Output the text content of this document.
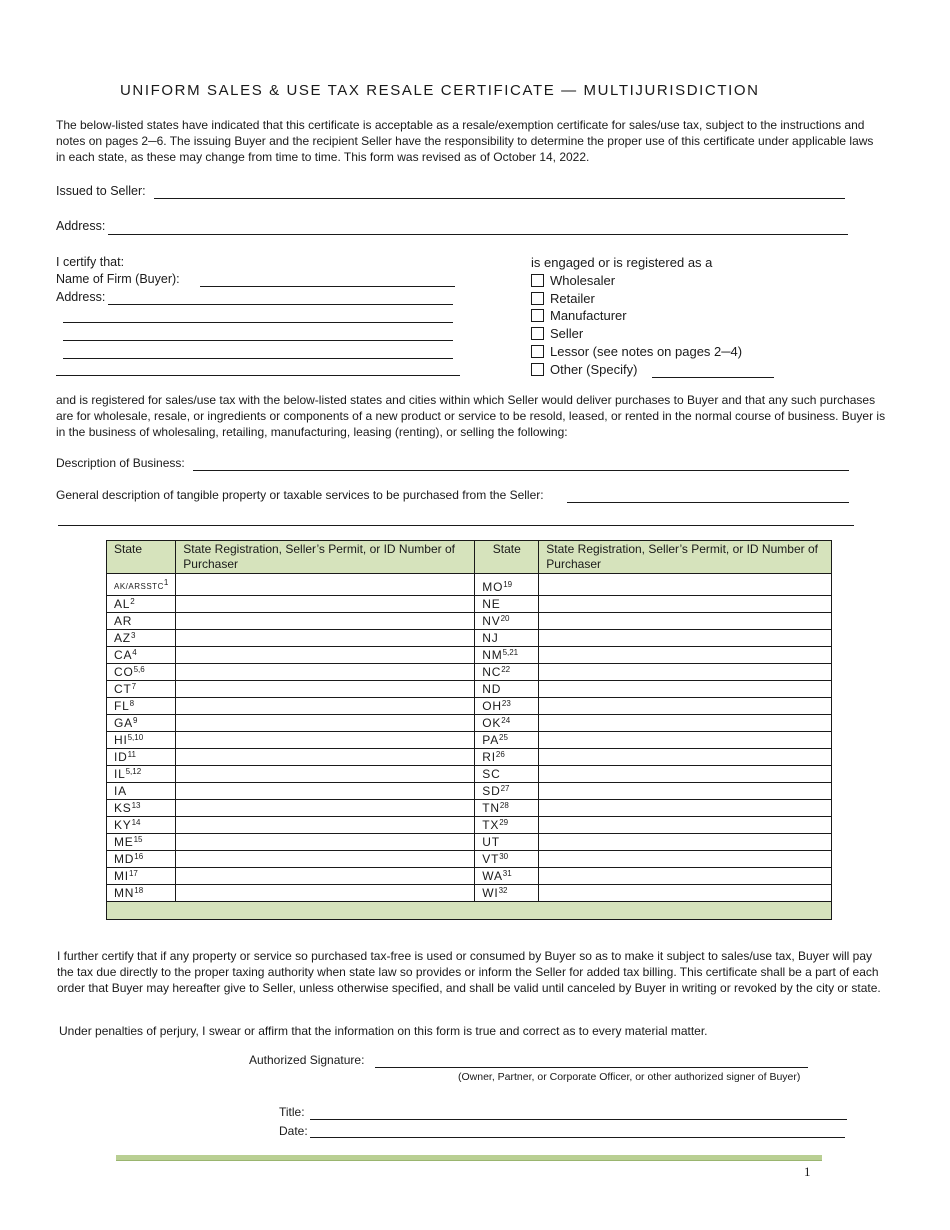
UNIFORM SALES & USE TAX RESALE CERTIFICATE — MULTIJURISDICTION
The below-listed states have indicated that this certificate is acceptable as a resale/exemption certificate for sales/use tax, subject to the instructions and notes on pages 2─6. The issuing Buyer and the recipient Seller have the responsibility to determine the proper use of this certificate under applicable laws in each state, as these may change from time to time. This form was revised as of October 14, 2022.
Issued to Seller:
Address:
I certify that:
Name of Firm (Buyer):
Address:
is engaged or is registered as a
Wholesaler
Retailer
Manufacturer
Seller
Lessor (see notes on pages 2─4)
Other (Specify)
and is registered for sales/use tax with the below-listed states and cities within which Seller would deliver purchases to Buyer and that any such purchases are for wholesale, resale, or ingredients or components of a new product or service to be resold, leased, or rented in the normal course of business. Buyer is in the business of wholesaling, retailing, manufacturing, leasing (renting), or selling the following:
Description of Business:
General description of tangible property or taxable services to be purchased from the Seller:
State	State Registration, Seller’s Permit, or ID Number of Purchaser	State	State Registration, Seller’s Permit, or ID Number of Purchaser
AK/ARSSTC$^1$		MO$^{19}$	
$AL^2$		NE	
AR		NV$^{20}$	
$AZ^3$		NJ	
$CA^4$		NM$^{5,21}$	
CO$^{5,6}$		NC$^{22}$	
$CT^7$		ND	
$FL^8$		OH$^{23}$	
$GA^9$		OK$^{24}$	
HI$^{5,10}$		PA$^{25}$	
ID$^{11}$		RI$^{26}$	
IL$^{5,12}$		SC	
IA		SD$^{27}$	
KS$^{13}$		TN$^{28}$	
KY$^{14}$		TX$^{29}$	
ME$^{15}$		UT	
MD$^{16}$		VT$^{30}$	
MI$^{17}$		WA$^{31}$	
MN$^{18}$		WI$^{32}$	

I further certify that if any property or service so purchased tax-free is used or consumed by Buyer so as to make it subject to sales/use tax, Buyer will pay the tax due directly to the proper taxing authority when state law so provides or inform the Seller for added tax billing. This certificate shall be a part of each order that Buyer may hereafter give to Seller, unless otherwise specified, and shall be valid until canceled by Buyer in writing or revoked by the city or state.
Under penalties of perjury, I swear or affirm that the information on this form is true and correct as to every material matter.
Authorized Signature:
(Owner, Partner, or Corporate Officer, or other authorized signer of Buyer)
Title:
Date:
1
